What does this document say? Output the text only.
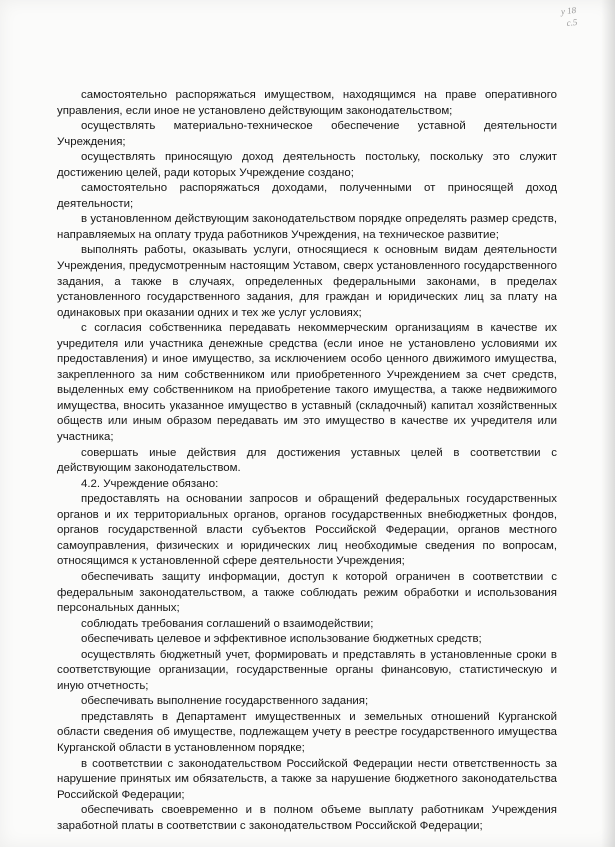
у 18
с.5

самостоятельно распоряжаться имуществом, находящимся на праве оперативного управления, если иное не установлено действующим законодательством;

осуществлять материально-техническое обеспечение уставной деятельности Учреждения;

осуществлять приносящую доход деятельность постольку, поскольку это служит достижению целей, ради которых Учреждение создано;

самостоятельно распоряжаться доходами, полученными от приносящей доход деятельности;

в установленном действующим законодательством порядке определять размер средств, направляемых на оплату труда работников Учреждения, на техническое развитие;

выполнять работы, оказывать услуги, относящиеся к основным видам деятельности Учреждения, предусмотренным настоящим Уставом, сверх установленного государственного задания, а также в случаях, определенных федеральными законами, в пределах установленного государственного задания, для граждан и юридических лиц за плату на одинаковых при оказании одних и тех же услуг условиях;

с согласия собственника передавать некоммерческим организациям в качестве их учредителя или участника денежные средства (если иное не установлено условиями их предоставления) и иное имущество, за исключением особо ценного движимого имущества, закрепленного за ним собственником или приобретенного Учреждением за счет средств, выделенных ему собственником на приобретение такого имущества, а также недвижимого имущества, вносить указанное имущество в уставный (складочный) капитал хозяйственных обществ или иным образом передавать им это имущество в качестве их учредителя или участника;

совершать иные действия для достижения уставных целей в соответствии с действующим законодательством.

4.2. Учреждение обязано:

предоставлять на основании запросов и обращений федеральных государственных органов и их территориальных органов, органов государственных внебюджетных фондов, органов государственной власти субъектов Российской Федерации, органов местного самоуправления, физических и юридических лиц необходимые сведения по вопросам, относящимся к установленной сфере деятельности Учреждения;

обеспечивать защиту информации, доступ к которой ограничен в соответствии с федеральным законодательством, а также соблюдать режим обработки и использования персональных данных;

соблюдать требования соглашений о взаимодействии;

обеспечивать целевое и эффективное использование бюджетных средств;

осуществлять бюджетный учет, формировать и представлять в установленные сроки в соответствующие организации, государственные органы финансовую, статистическую и иную отчетность;

обеспечивать выполнение государственного задания;

представлять в Департамент имущественных и земельных отношений Курганской области сведения об имуществе, подлежащем учету в реестре государственного имущества Курганской области в установленном порядке;

в соответствии с законодательством Российской Федерации нести ответственность за нарушение принятых им обязательств, а также за нарушение бюджетного законодательства Российской Федерации;

обеспечивать своевременно и в полном объеме выплату работникам Учреждения заработной платы в соответствии с законодательством Российской Федерации;
